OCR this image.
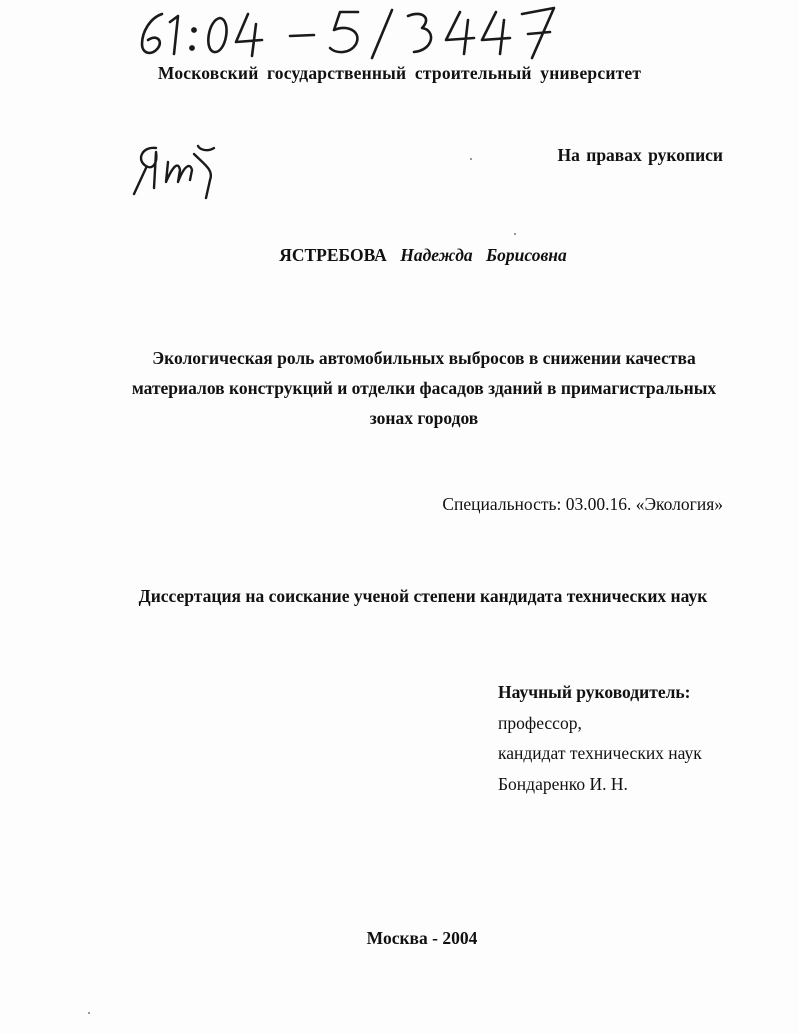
Московский государственный строительный университет
На правах рукописи
ЯСТРЕБОВА Надежда Борисовна
Экологическая роль автомобильных выбросов в снижении качества
материалов конструкций и отделки фасадов зданий в примагистральных
зонах городов
Специальность: 03.00.16. «Экология»
Диссертация на соискание ученой степени кандидата технических наук
Научный руководитель:
профессор,
кандидат технических наук
Бондаренко И. Н.
Москва - 2004
